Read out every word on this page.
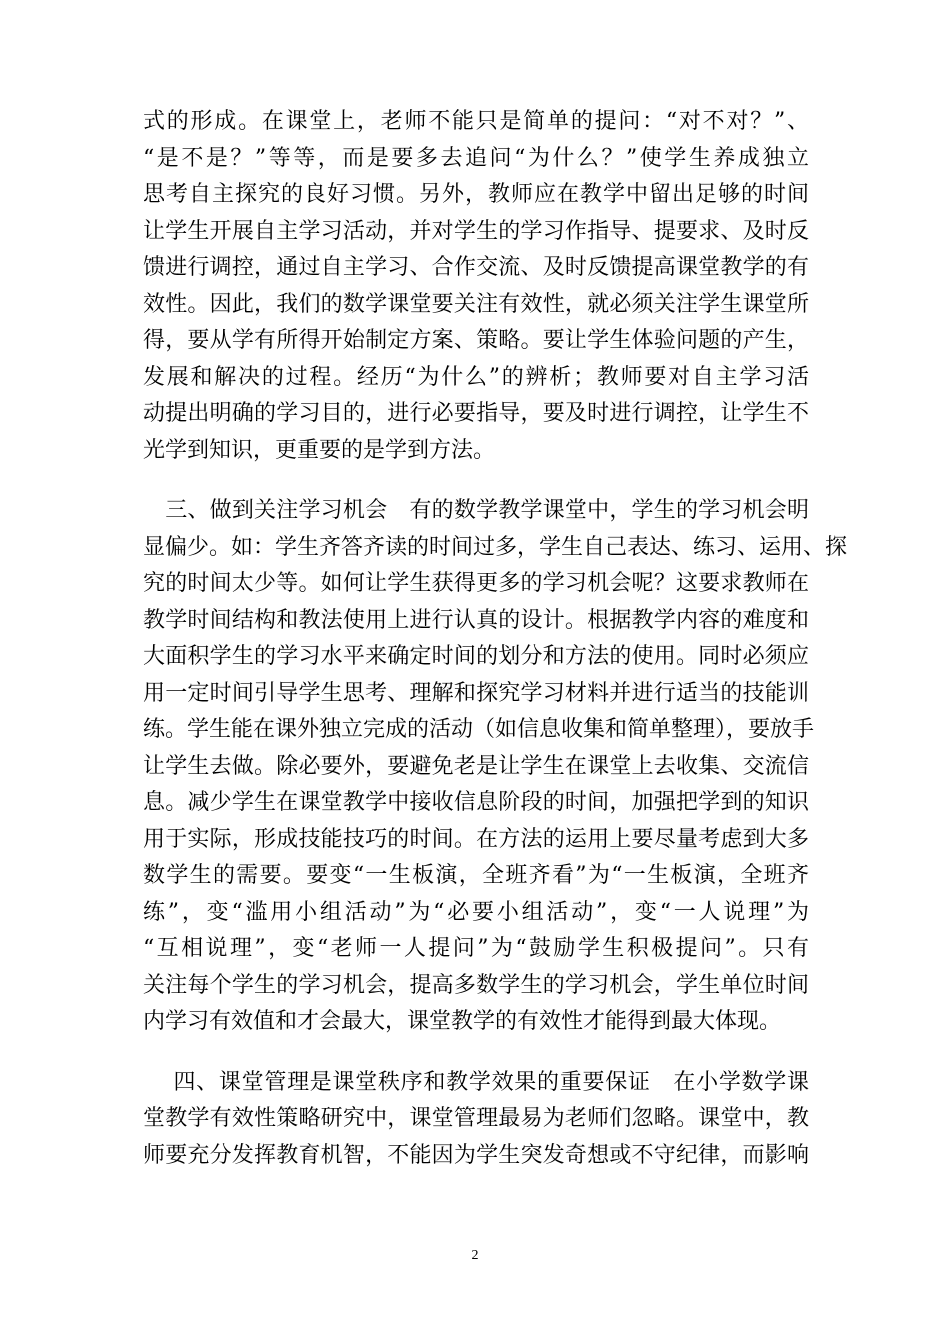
式的形成。在课堂上，老师不能只是简单的提问：“对不对？”、
“是不是？”等等，而是要多去追问“为什么？”使学生养成独立
思考自主探究的良好习惯。另外，教师应在教学中留出足够的时间
让学生开展自主学习活动，并对学生的学习作指导、提要求、及时反
馈进行调控，通过自主学习、合作交流、及时反馈提高课堂教学的有
效性。因此，我们的数学课堂要关注有效性，就必须关注学生课堂所
得，要从学有所得开始制定方案、策略。要让学生体验问题的产生，
发展和解决的过程。经历“为什么”的辨析；教师要对自主学习活
动提出明确的学习目的，进行必要指导，要及时进行调控，让学生不
光学到知识，更重要的是学到方法。
　三、做到关注学习机会　有的数学教学课堂中，学生的学习机会明
显偏少。如：学生齐答齐读的时间过多，学生自己表达、练习、运用、探
究的时间太少等。如何让学生获得更多的学习机会呢？这要求教师在
教学时间结构和教法使用上进行认真的设计。根据教学内容的难度和
大面积学生的学习水平来确定时间的划分和方法的使用。同时必须应
用一定时间引导学生思考、理解和探究学习材料并进行适当的技能训
练。学生能在课外独立完成的活动（如信息收集和简单整理），要放手
让学生去做。除必要外，要避免老是让学生在课堂上去收集、交流信
息。减少学生在课堂教学中接收信息阶段的时间，加强把学到的知识
用于实际，形成技能技巧的时间。在方法的运用上要尽量考虑到大多
数学生的需要。要变“一生板演，全班齐看”为“一生板演，全班齐
练”，变“滥用小组活动”为“必要小组活动”，变“一人说理”为
“互相说理”，变“老师一人提问”为“鼓励学生积极提问”。只有
关注每个学生的学习机会，提高多数学生的学习机会，学生单位时间
内学习有效值和才会最大，课堂教学的有效性才能得到最大体现。
　 四、课堂管理是课堂秩序和教学效果的重要保证　在小学数学课
堂教学有效性策略研究中，课堂管理最易为老师们忽略。课堂中，教
师要充分发挥教育机智，不能因为学生突发奇想或不守纪律，而影响
2
